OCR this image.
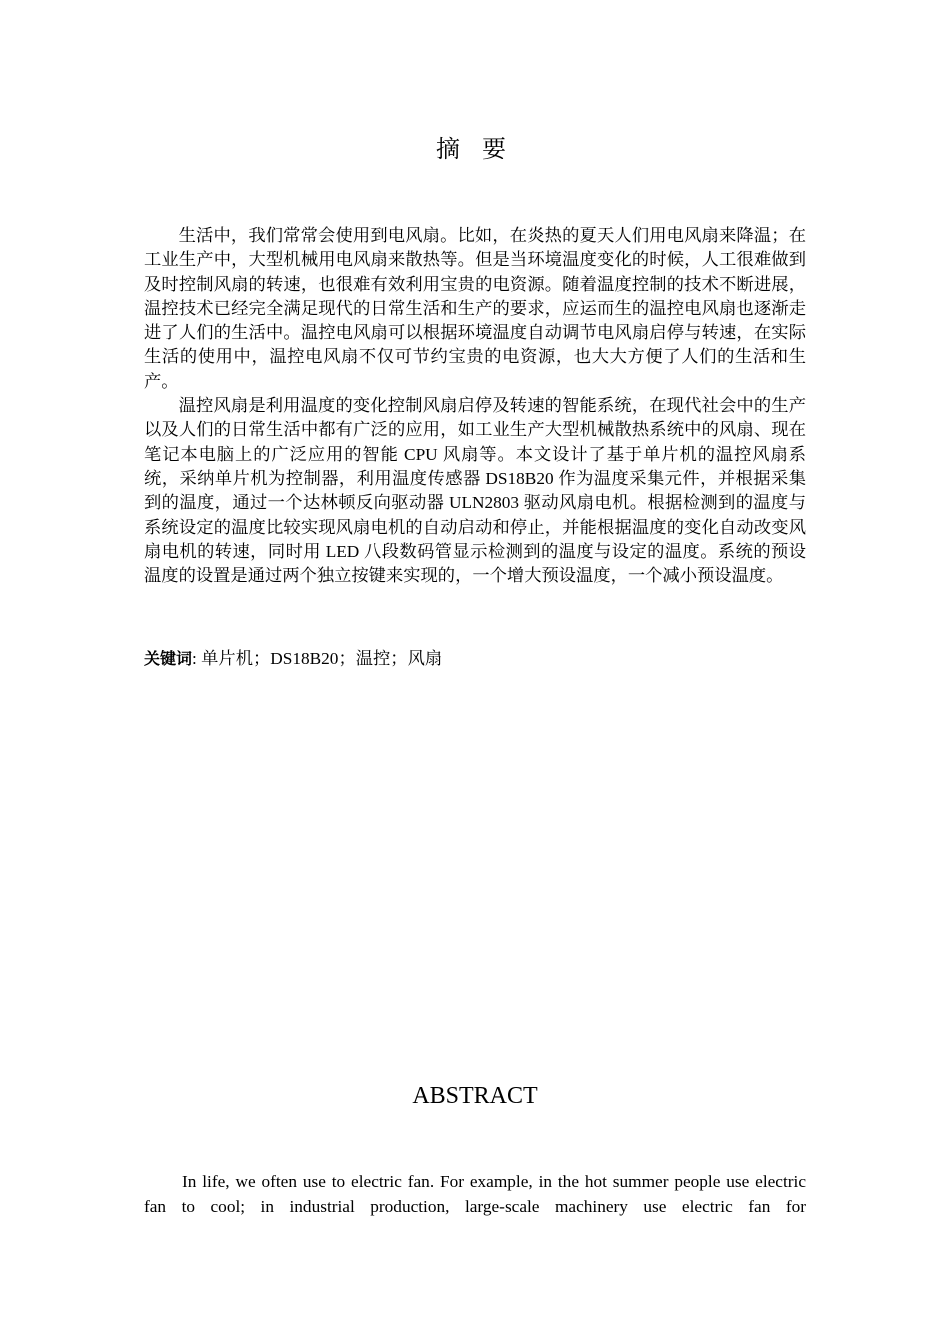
摘 要

生活中，我们常常会使用到电风扇。比如，在炎热的夏天人们用电风扇来降温；在工业生产中，大型机械用电风扇来散热等。但是当环境温度变化的时候，人工很难做到及时控制风扇的转速，也很难有效利用宝贵的电资源。随着温度控制的技术不断进展，温控技术已经完全满足现代的日常生活和生产的要求，应运而生的温控电风扇也逐渐走进了人们的生活中。温控电风扇可以根据环境温度自动调节电风扇启停与转速，在实际生活的使用中，温控电风扇不仅可节约宝贵的电资源，也大大方便了人们的生活和生产。

温控风扇是利用温度的变化控制风扇启停及转速的智能系统，在现代社会中的生产以及人们的日常生活中都有广泛的应用，如工业生产大型机械散热系统中的风扇、现在笔记本电脑上的广泛应用的智能 CPU 风扇等。本文设计了基于单片机的温控风扇系统，采纳单片机为控制器，利用温度传感器 DS18B20 作为温度采集元件，并根据采集到的温度，通过一个达林顿反向驱动器 ULN2803 驱动风扇电机。根据检测到的温度与系统设定的温度比较实现风扇电机的自动启动和停止，并能根据温度的变化自动改变风扇电机的转速，同时用 LED 八段数码管显示检测到的温度与设定的温度。系统的预设温度的设置是通过两个独立按键来实现的，一个增大预设温度，一个减小预设温度。

关键词: 单片机；DS18B20；温控；风扇
ABSTRACT

In life, we often use to electric fan. For example, in the hot summer people use electric fan to cool; in industrial production, large-scale machinery use electric fan for
